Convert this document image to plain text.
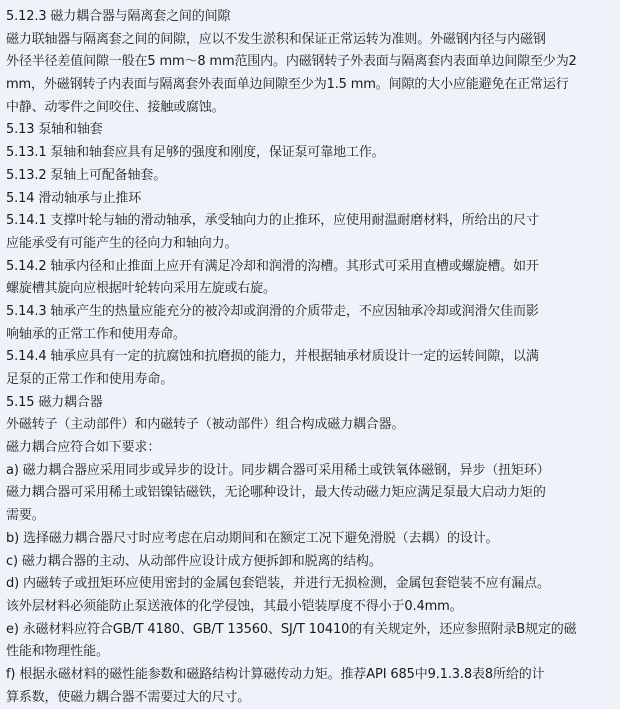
5.12.3 磁力耦合器与隔离套之间的间隙
磁力联轴器与隔离套之间的间隙，应以不发生淤积和保证正常运转为准则。外磁钢内径与内磁钢
外径半径差值间隙一般在5 mm～8 mm范围内。内磁钢转子外表面与隔离套内表面单边间隙至少为2
mm，外磁钢转子内表面与隔离套外表面单边间隙至少为1.5 mm。间隙的大小应能避免在正常运行
中静、动零件之间咬住、接触或腐蚀。
5.13 泵轴和轴套
5.13.1 泵轴和轴套应具有足够的强度和刚度，保证泵可靠地工作。
5.13.2 泵轴上可配备轴套。
5.14 滑动轴承与止推环
5.14.1 支撑叶轮与轴的滑动轴承，承受轴向力的止推环，应使用耐温耐磨材料，所给出的尺寸
应能承受有可能产生的径向力和轴向力。
5.14.2 轴承内径和止推面上应开有满足冷却和润滑的沟槽。其形式可采用直槽或螺旋槽。如开
螺旋槽其旋向应根据叶轮转向采用左旋或右旋。
5.14.3 轴承产生的热量应能充分的被冷却或润滑的介质带走，不应因轴承冷却或润滑欠佳而影
响轴承的正常工作和使用寿命。
5.14.4 轴承应具有一定的抗腐蚀和抗磨损的能力，并根据轴承材质设计一定的运转间隙，以满
足泵的正常工作和使用寿命。
5.15 磁力耦合器
外磁转子（主动部件）和内磁转子（被动部件）组合构成磁力耦合器。
磁力耦合应符合如下要求：
a) 磁力耦合器应采用同步或异步的设计。同步耦合器可采用稀土或铁氧体磁钢，异步（扭矩环）
磁力耦合器可采用稀土或铝镍钴磁铁，无论哪种设计，最大传动磁力矩应满足泵最大启动力矩的
需要。
b) 选择磁力耦合器尺寸时应考虑在启动期间和在额定工况下避免滑脱（去耦）的设计。
c) 磁力耦合器的主动、从动部件应设计成方便拆卸和脱离的结构。
d) 内磁转子或扭矩环应使用密封的金属包套铠装，并进行无损检测，金属包套铠装不应有漏点。
该外层材料必须能防止泵送液体的化学侵蚀，其最小铠装厚度不得小于0.4mm。
e) 永磁材料应符合GB/T 4180、GB/T 13560、SJ/T 10410的有关规定外，还应参照附录B规定的磁
性能和物理性能。
f) 根据永磁材料的磁性能参数和磁路结构计算磁传动力矩。推荐API 685中9.1.3.8表8所给的计
算系数，使磁力耦合器不需要过大的尺寸。
